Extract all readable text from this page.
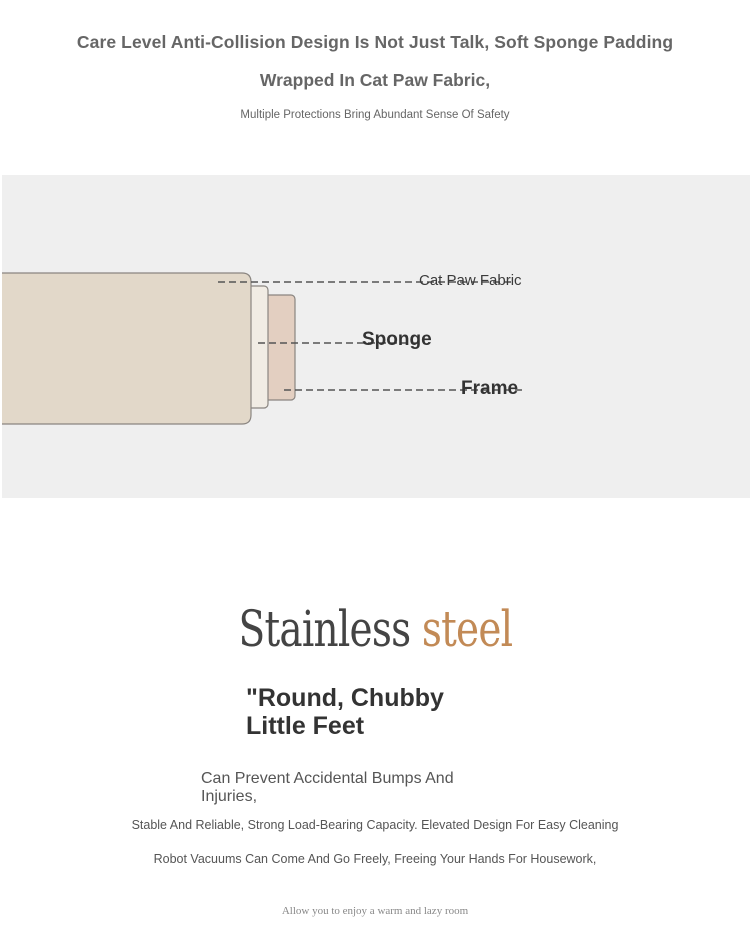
Care Level Anti-Collision Design Is Not Just Talk, Soft Sponge Padding
Wrapped In Cat Paw Fabric,
Multiple Protections Bring Abundant Sense Of Safety
Cat Paw Fabric
Sponge
Frame
Stainless steel
"Round, Chubby Little Feet
Can Prevent Accidental Bumps And Injuries,
Stable And Reliable, Strong Load-Bearing Capacity. Elevated Design For Easy Cleaning
Robot Vacuums Can Come And Go Freely, Freeing Your Hands For Housework,
Allow you to enjoy a warm and lazy room
